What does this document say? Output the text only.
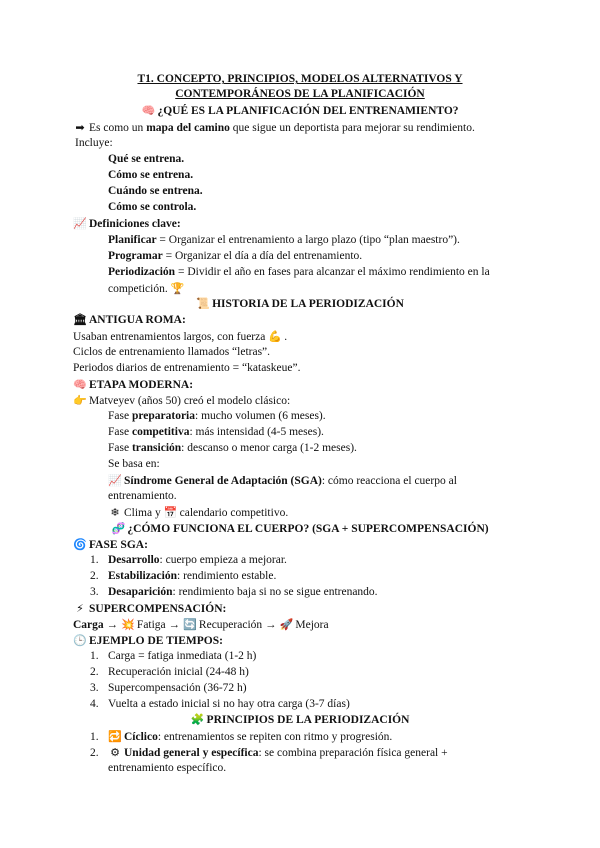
T1. CONCEPTO, PRINCIPIOS, MODELOS ALTERNATIVOS Y
CONTEMPORÁNEOS DE LA PLANIFICACIÓN
🧠 ¿QUÉ ES LA PLANIFICACIÓN DEL ENTRENAMIENTO?
➡ Es como un mapa del camino que sigue un deportista para mejorar su rendimiento.
Incluye:
Qué se entrena.
Cómo se entrena.
Cuándo se entrena.
Cómo se controla.
📈 Definiciones clave:
Planificar = Organizar el entrenamiento a largo plazo (tipo “plan maestro”).
Programar = Organizar el día a día del entrenamiento.
Periodización = Dividir el año en fases para alcanzar el máximo rendimiento en la
competición. 🏆
📜 HISTORIA DE LA PERIODIZACIÓN
🏛 ANTIGUA ROMA:
Usaban entrenamientos largos, con fuerza 💪 .
Ciclos de entrenamiento llamados “letras”.
Periodos diarios de entrenamiento = “kataskeue”.
🧠 ETAPA MODERNA:
👉 Matveyev (años 50) creó el modelo clásico:
Fase preparatoria: mucho volumen (6 meses).
Fase competitiva: más intensidad (4-5 meses).
Fase transición: descanso o menor carga (1-2 meses).
Se basa en:
📈 Síndrome General de Adaptación (SGA): cómo reacciona el cuerpo al
entrenamiento.
❄ Clima y 📅 calendario competitivo.
🧬 ¿CÓMO FUNCIONA EL CUERPO? (SGA + SUPERCOMPENSACIÓN)
🌀 FASE SGA:
1. Desarrollo: cuerpo empieza a mejorar.
2. Estabilización: rendimiento estable.
3. Desaparición: rendimiento baja si no se sigue entrenando.
⚡ SUPERCOMPENSACIÓN:
Carga → 💥 Fatiga → 🔄 Recuperación → 🚀 Mejora
🕒 EJEMPLO DE TIEMPOS:
1. Carga = fatiga inmediata (1-2 h)
2. Recuperación inicial (24-48 h)
3. Supercompensación (36-72 h)
4. Vuelta a estado inicial si no hay otra carga (3-7 días)
🧩 PRINCIPIOS DE LA PERIODIZACIÓN
1. 🔁 Cíclico: entrenamientos se repiten con ritmo y progresión.
2. ⚙ Unidad general y específica: se combina preparación física general +
entrenamiento específico.
